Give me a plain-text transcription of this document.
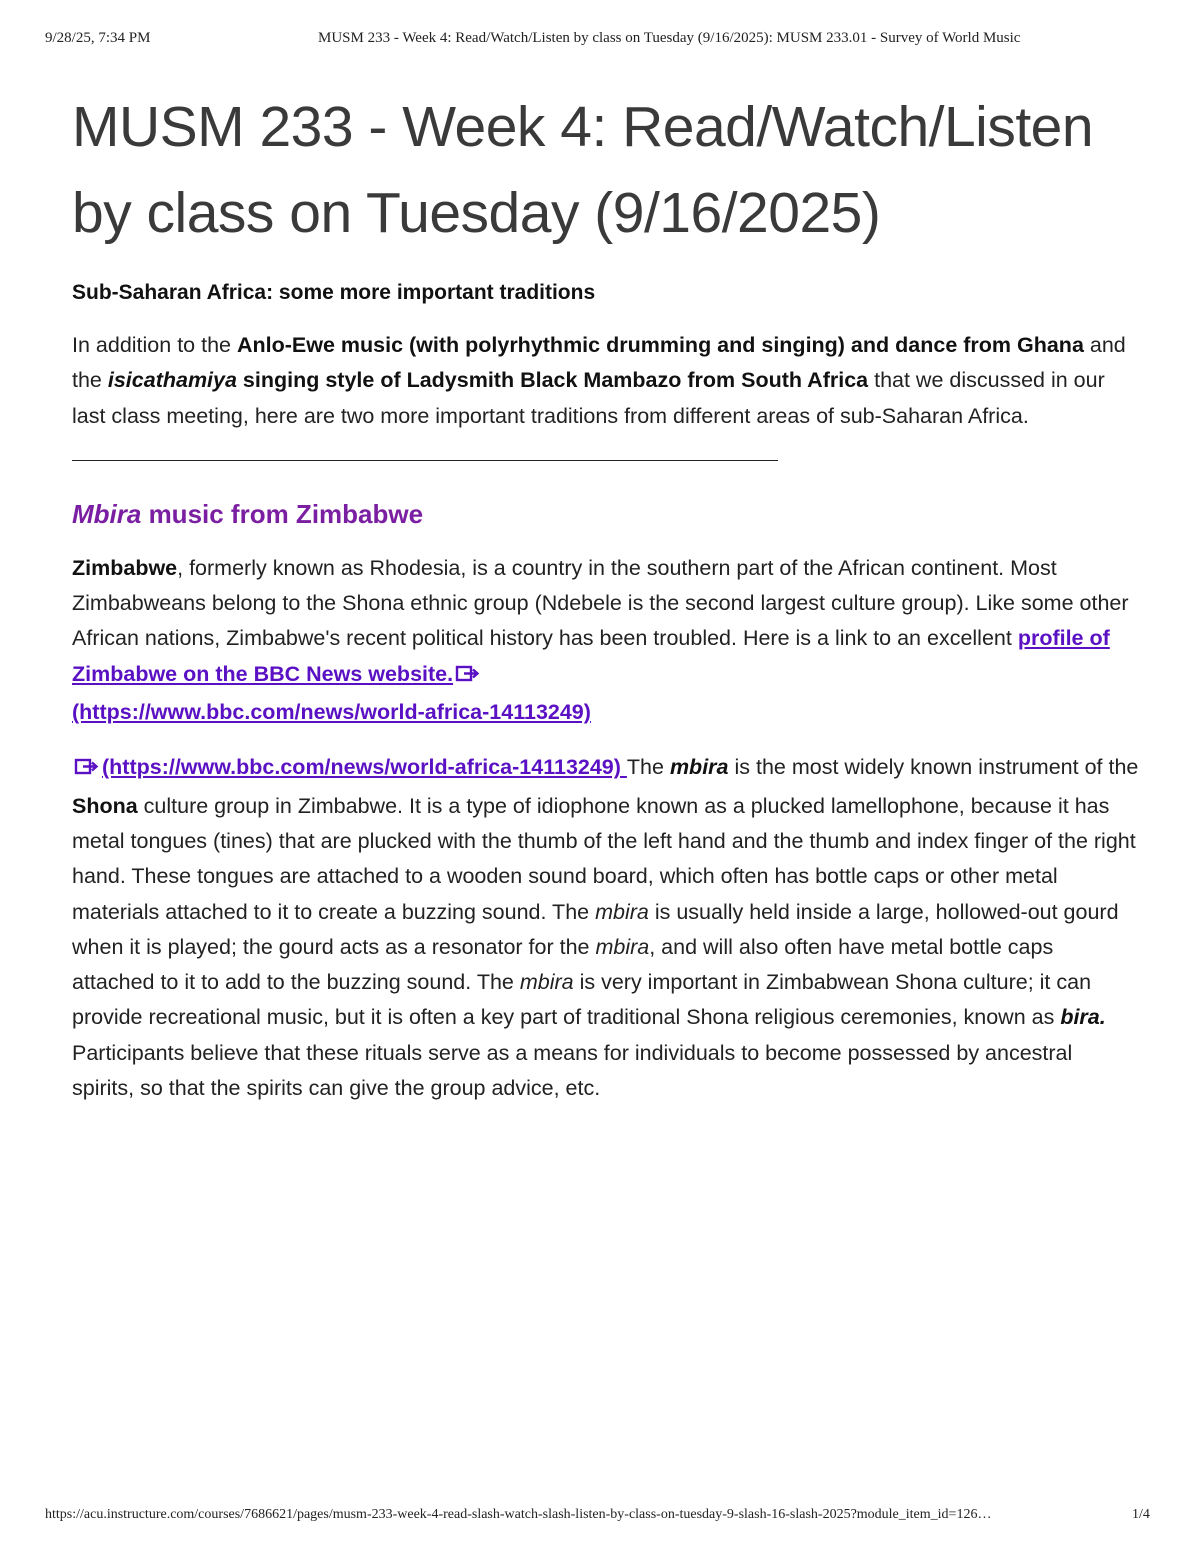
9/28/25, 7:34 PM	MUSM 233 - Week 4: Read/Watch/Listen by class on Tuesday (9/16/2025): MUSM 233.01 - Survey of World Music
MUSM 233 - Week 4: Read/Watch/Listen by class on Tuesday (9/16/2025)
Sub-Saharan Africa: some more important traditions

In addition to the Anlo-Ewe music (with polyrhythmic drumming and singing) and dance from Ghana and the isicathamiya singing style of Ladysmith Black Mambazo from South Africa that we discussed in our last class meeting, here are two more important traditions from different areas of sub-Saharan Africa.

Mbira music from Zimbabwe

Zimbabwe, formerly known as Rhodesia, is a country in the southern part of the African continent. Most Zimbabweans belong to the Shona ethnic group (Ndebele is the second largest culture group). Like some other African nations, Zimbabwe's recent political history has been troubled. Here is a link to an excellent profile of Zimbabwe on the BBC News website.
(https://www.bbc.com/news/world-africa-14113249)

(https://www.bbc.com/news/world-africa-14113249) The mbira is the most widely known instrument of the Shona culture group in Zimbabwe. It is a type of idiophone known as a plucked lamellophone, because it has metal tongues (tines) that are plucked with the thumb of the left hand and the thumb and index finger of the right hand. These tongues are attached to a wooden sound board, which often has bottle caps or other metal materials attached to it to create a buzzing sound. The mbira is usually held inside a large, hollowed-out gourd when it is played; the gourd acts as a resonator for the mbira, and will also often have metal bottle caps attached to it to add to the buzzing sound. The mbira is very important in Zimbabwean Shona culture; it can provide recreational music, but it is often a key part of traditional Shona religious ceremonies, known as bira. Participants believe that these rituals serve as a means for individuals to become possessed by ancestral spirits, so that the spirits can give the group advice, etc.

https://acu.instructure.com/courses/7686621/pages/musm-233-week-4-read-slash-watch-slash-listen-by-class-on-tuesday-9-slash-16-slash-2025?module_item_id=126…	1/4
